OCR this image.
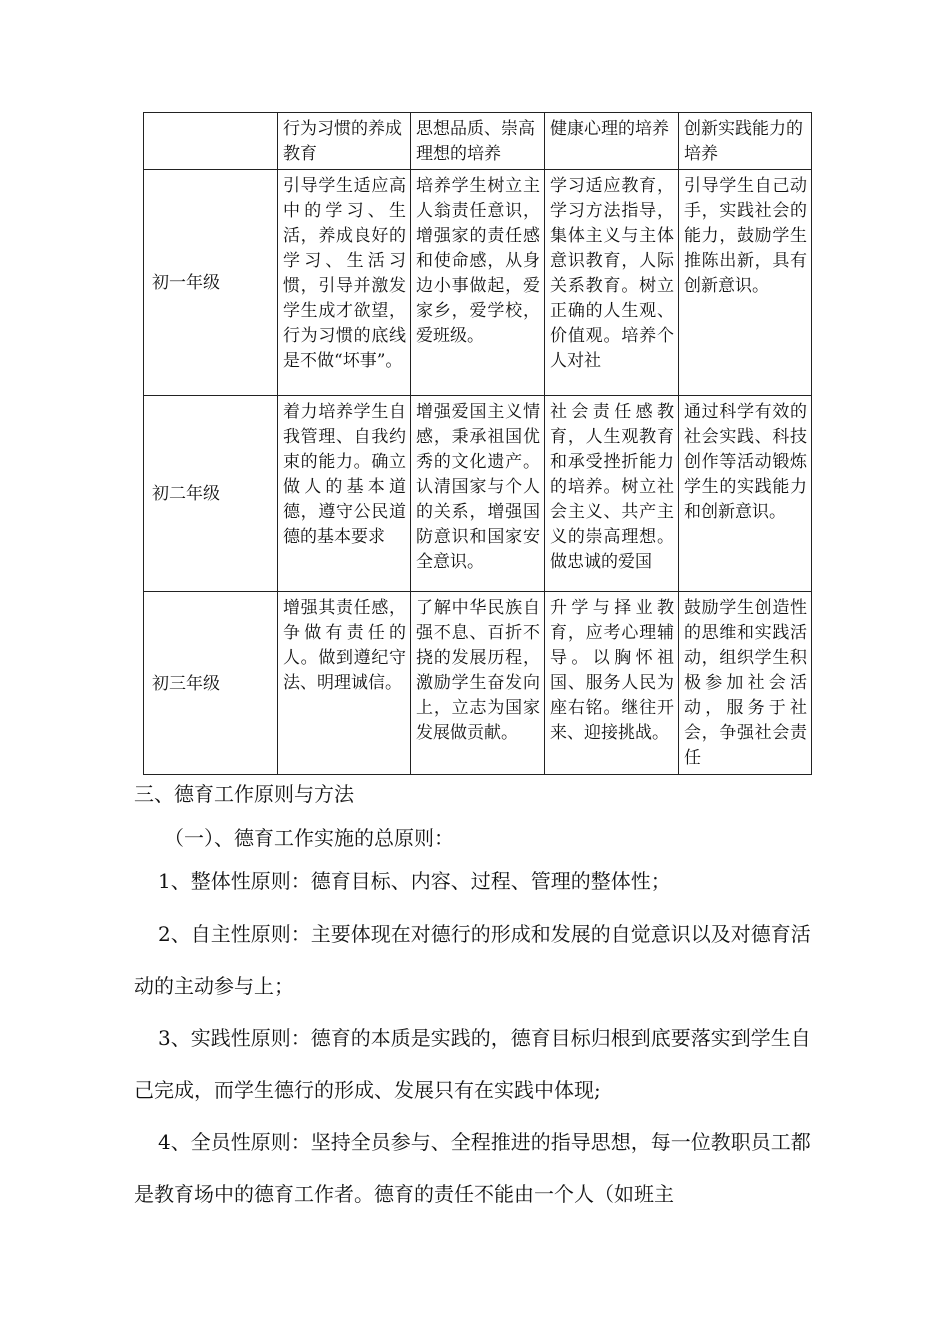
	行为习惯的养成教育	思想品质、崇高理想的培养	健康心理的培养	创新实践能力的培养
初一年级	引导学生适应高中的学习、生活，养成良好的学习、生活习惯，引导并激发学生成才欲望，行为习惯的底线是不做“坏事”。	培养学生树立主人翁责任意识，增强家的责任感和使命感，从身边小事做起，爱家乡，爱学校，爱班级。	学习适应教育，学习方法指导，集体主义与主体意识教育，人际关系教育。树立正确的人生观、价值观。培养个人对社	引导学生自己动手，实践社会的能力，鼓励学生推陈出新，具有创新意识。
初二年级	着力培养学生自我管理、自我约束的能力。确立做人的基本道德，遵守公民道德的基本要求	增强爱国主义情感，秉承祖国优秀的文化遗产。认清国家与个人的关系，增强国防意识和国家安全意识。	社会责任感教育，人生观教育和承受挫折能力的培养。树立社会主义、共产主义的崇高理想。做忠诚的爱国	通过科学有效的社会实践、科技创作等活动锻炼学生的实践能力和创新意识。
初三年级	增强其责任感，争做有责任的人。做到遵纪守法、明理诚信。	了解中华民族自强不息、百折不挠的发展历程，激励学生奋发向上，立志为国家发展做贡献。	升学与择业教育，应考心理辅导。以胸怀祖国、服务人民为座右铭。继往开来、迎接挑战。	鼓励学生创造性的思维和实践活动，组织学生积极参加社会活动，服务于社会，争强社会责任
三、德育工作原则与方法
（一）、德育工作实施的总原则：
1、整体性原则：德育目标、内容、过程、管理的整体性；
2、自主性原则：主要体现在对德行的形成和发展的自觉意识以及对德育活动的主动参与上；
3、实践性原则：德育的本质是实践的，德育目标归根到底要落实到学生自己完成，而学生德行的形成、发展只有在实践中体现;
4、全员性原则：坚持全员参与、全程推进的指导思想，每一位教职员工都是教育场中的德育工作者。德育的责任不能由一个人（如班主
